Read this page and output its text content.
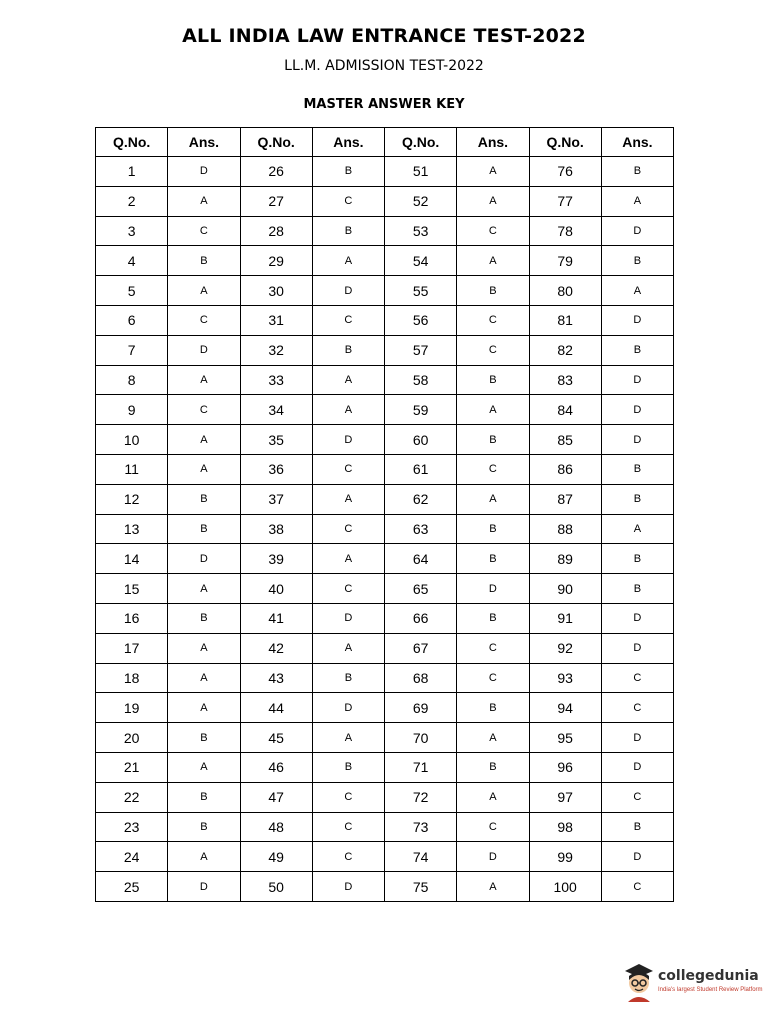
ALL INDIA LAW ENTRANCE TEST-2022
LL.M. ADMISSION TEST-2022
MASTER ANSWER KEY
Q.No.	Ans.	Q.No.	Ans.	Q.No.	Ans.	Q.No.	Ans.
1	D	26	B	51	A	76	B
2	A	27	C	52	A	77	A
3	C	28	B	53	C	78	D
4	B	29	A	54	A	79	B
5	A	30	D	55	B	80	A
6	C	31	C	56	C	81	D
7	D	32	B	57	C	82	B
8	A	33	A	58	B	83	D
9	C	34	A	59	A	84	D
10	A	35	D	60	B	85	D
11	A	36	C	61	C	86	B
12	B	37	A	62	A	87	B
13	B	38	C	63	B	88	A
14	D	39	A	64	B	89	B
15	A	40	C	65	D	90	B
16	B	41	D	66	B	91	D
17	A	42	A	67	C	92	D
18	A	43	B	68	C	93	C
19	A	44	D	69	B	94	C
20	B	45	A	70	A	95	D
21	A	46	B	71	B	96	D
22	B	47	C	72	A	97	C
23	B	48	C	73	C	98	B
24	A	49	C	74	D	99	D
25	D	50	D	75	A	100	C
collegedunia
India's largest Student Review Platform
